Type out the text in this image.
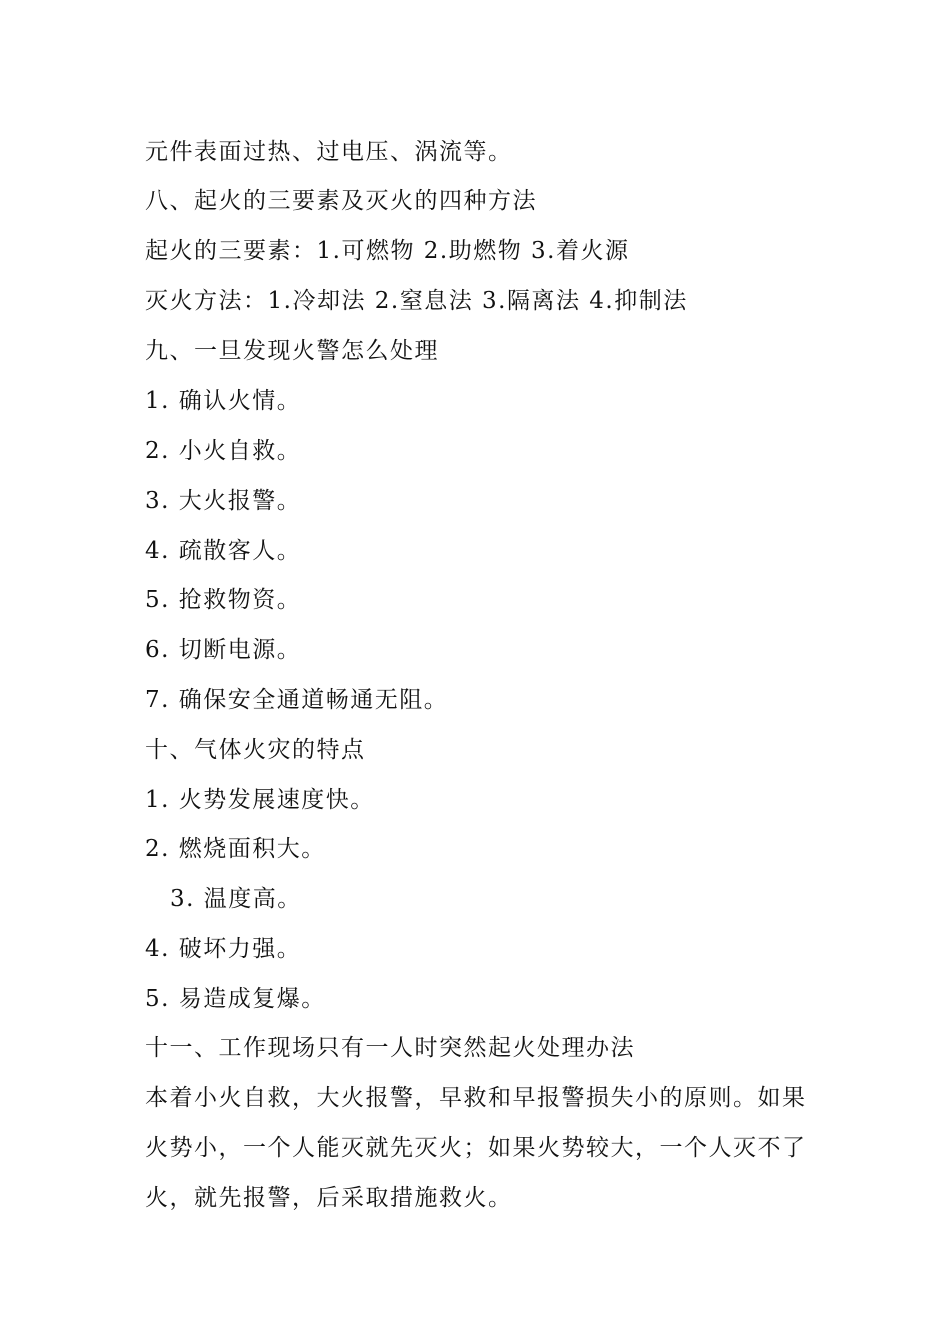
元件表面过热、过电压、涡流等。
八、起火的三要素及灭火的四种方法
起火的三要素：1.可燃物 2.助燃物 3.着火源
灭火方法：1.冷却法 2.窒息法 3.隔离法 4.抑制法
九、一旦发现火警怎么处理
1. 确认火情。
2. 小火自救。
3. 大火报警。
4. 疏散客人。
5. 抢救物资。
6. 切断电源。
7. 确保安全通道畅通无阻。
十、气体火灾的特点
1. 火势发展速度快。
2. 燃烧面积大。
3. 温度高。
4. 破坏力强。
5. 易造成复爆。
十一、工作现场只有一人时突然起火处理办法
本着小火自救，大火报警，早救和早报警损失小的原则。如果
火势小，一个人能灭就先灭火；如果火势较大，一个人灭不了
火，就先报警，后采取措施救火。
